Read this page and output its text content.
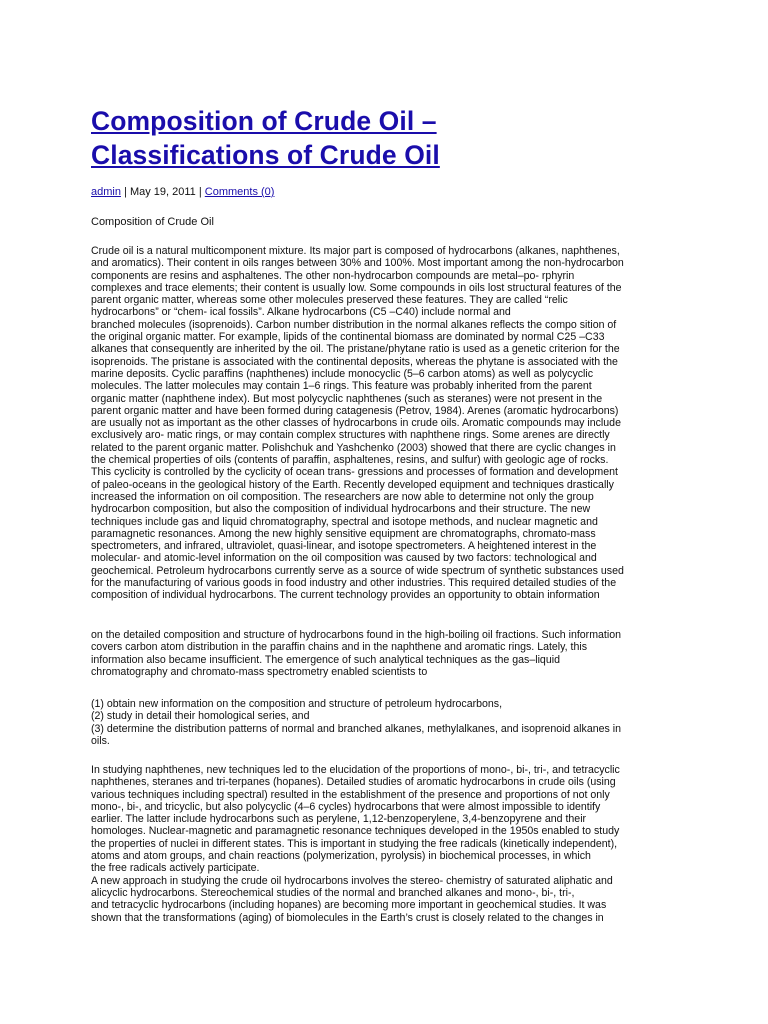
Composition of Crude Oil –
Classifications of Crude Oil
admin | May 19, 2011 | Comments (0)
Composition of Crude Oil
Crude oil is a natural multicomponent mixture. Its major part is composed of hydrocarbons (alkanes, naphthenes,
and aromatics). Their content in oils ranges between 30% and 100%. Most important among the non-hydrocarbon
components are resins and asphaltenes. The other non-hydrocarbon compounds are metal–po- rphyrin
complexes and trace elements; their content is usually low. Some compounds in oils lost structural features of the
parent organic matter, whereas some other molecules preserved these features. They are called “relic
hydrocarbons” or “chem- ical fossils”. Alkane hydrocarbons (C5 –C40) include normal and
branched molecules (isoprenoids). Carbon number distribution in the normal alkanes reflects the compo sition of
the original organic matter. For example, lipids of the continental biomass are dominated by normal C25 –C33
alkanes that consequently are inherited by the oil. The pristane/phytane ratio is used as a genetic criterion for the
isoprenoids. The pristane is associated with the continental deposits, whereas the phytane is associated with the
marine deposits. Cyclic paraffins (naphthenes) include monocyclic (5–6 carbon atoms) as well as polycyclic
molecules. The latter molecules may contain 1–6 rings. This feature was probably inherited from the parent
organic matter (naphthene index). But most polycyclic naphthenes (such as steranes) were not present in the
parent organic matter and have been formed during catagenesis (Petrov, 1984). Arenes (aromatic hydrocarbons)
are usually not as important as the other classes of hydrocarbons in crude oils. Aromatic compounds may include
exclusively aro- matic rings, or may contain complex structures with naphthene rings. Some arenes are directly
related to the parent organic matter. Polishchuk and Yashchenko (2003) showed that there are cyclic changes in
the chemical properties of oils (contents of paraffin, asphaltenes, resins, and sulfur) with geologic age of rocks.
This cyclicity is controlled by the cyclicity of ocean trans- gressions and processes of formation and development
of paleo-oceans in the geological history of the Earth. Recently developed equipment and techniques drastically
increased the information on oil composition. The researchers are now able to determine not only the group
hydrocarbon composition, but also the composition of individual hydrocarbons and their structure. The new
techniques include gas and liquid chromatography, spectral and isotope methods, and nuclear magnetic and
paramagnetic resonances. Among the new highly sensitive equipment are chromatographs, chromato-mass
spectrometers, and infrared, ultraviolet, quasi-linear, and isotope spectrometers. A heightened interest in the
molecular- and atomic-level information on the oil composition was caused by two factors: technological and
geochemical. Petroleum hydrocarbons currently serve as a source of wide spectrum of synthetic substances used
for the manufacturing of various goods in food industry and other industries. This required detailed studies of the
composition of individual hydrocarbons. The current technology provides an opportunity to obtain information
on the detailed composition and structure of hydrocarbons found in the high-boiling oil fractions. Such information
covers carbon atom distribution in the paraffin chains and in the naphthene and aromatic rings. Lately, this
information also became insufficient. The emergence of such analytical techniques as the gas–liquid
chromatography and chromato-mass spectrometry enabled scientists to
(1) obtain new information on the composition and structure of petroleum hydrocarbons,
(2) study in detail their homological series, and
(3) determine the distribution patterns of normal and branched alkanes, methylalkanes, and isoprenoid alkanes in
oils.
In studying naphthenes, new techniques led to the elucidation of the proportions of mono-, bi-, tri-, and tetracyclic
naphthenes, steranes and tri-terpanes (hopanes). Detailed studies of aromatic hydrocarbons in crude oils (using
various techniques including spectral) resulted in the establishment of the presence and proportions of not only
mono-, bi-, and tricyclic, but also polycyclic (4–6 cycles) hydrocarbons that were almost impossible to identify
earlier. The latter include hydrocarbons such as perylene, 1,12-benzoperylene, 3,4-benzopyrene and their
homologes. Nuclear-magnetic and paramagnetic resonance techniques developed in the 1950s enabled to study
the properties of nuclei in different states. This is important in studying the free radicals (kinetically independent),
atoms and atom groups, and chain reactions (polymerization, pyrolysis) in biochemical processes, in which
the free radicals actively participate.
A new approach in studying the crude oil hydrocarbons involves the stereo- chemistry of saturated aliphatic and
alicyclic hydrocarbons. Stereochemical studies of the normal and branched alkanes and mono-, bi-, tri-,
and tetracyclic hydrocarbons (including hopanes) are becoming more important in geochemical studies. It was
shown that the transformations (aging) of biomolecules in the Earth’s crust is closely related to the changes in
